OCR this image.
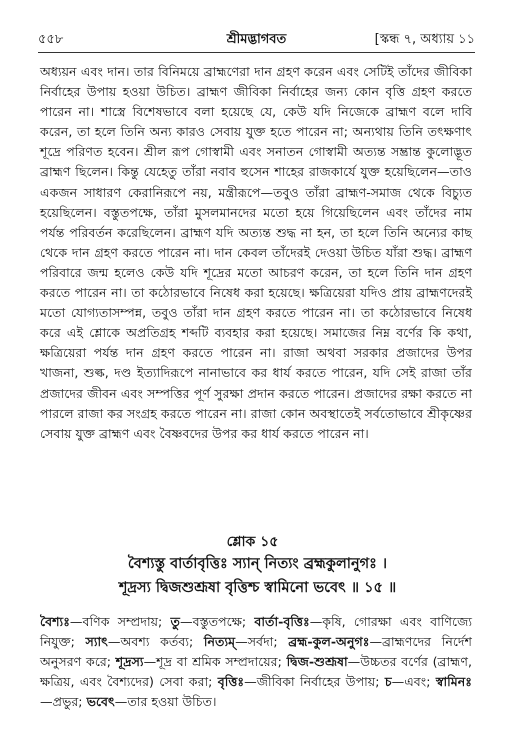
৫৫৮	শ্রীমদ্ভাগবত	[স্কন্ধ ৭, অধ্যায় ১১

অধ্যয়ন এবং দান। তার বিনিময়ে ব্রাহ্মণেরা দান গ্রহণ করেন এবং সেটিই তাঁদের জীবিকা নির্বাহের উপায় হওয়া উচিত। ব্রাহ্মণ জীবিকা নির্বাহের জন্য কোন বৃত্তি গ্রহণ করতে পারেন না। শাস্ত্রে বিশেষভাবে বলা হয়েছে যে, কেউ যদি নিজেকে ব্রাহ্মণ বলে দাবি করেন, তা হলে তিনি অন্য কারও সেবায় যুক্ত হতে পারেন না; অন্যথায় তিনি তৎক্ষণাৎ শূদ্রে পরিণত হবেন। শ্রীল রূপ গোস্বামী এবং সনাতন গোস্বামী অত্যন্ত সম্ভ্রান্ত কুলোদ্ভূত ব্রাহ্মণ ছিলেন। কিন্তু যেহেতু তাঁরা নবাব হুসেন শাহের রাজকার্যে যুক্ত হয়েছিলেন—তাও একজন সাধারণ কেরানিরূপে নয়, মন্ত্রীরূপে—তবুও তাঁরা ব্রাহ্মণ-সমাজ থেকে বিচ্যুত হয়েছিলেন। বস্তুতপক্ষে, তাঁরা মুসলমানদের মতো হয়ে গিয়েছিলেন এবং তাঁদের নাম পর্যন্ত পরিবর্তন করেছিলেন। ব্রাহ্মণ যদি অত্যন্ত শুদ্ধ না হন, তা হলে তিনি অন্যের কাছ থেকে দান গ্রহণ করতে পারেন না। দান কেবল তাঁদেরই দেওয়া উচিত যাঁরা শুদ্ধ। ব্রাহ্মণ পরিবারে জন্ম হলেও কেউ যদি শূদ্রের মতো আচরণ করেন, তা হলে তিনি দান গ্রহণ করতে পারেন না। তা কঠোরভাবে নিষেধ করা হয়েছে। ক্ষত্রিয়েরা যদিও প্রায় ব্রাহ্মণদেরই মতো যোগ্যতাসম্পন্ন, তবুও তাঁরা দান গ্রহণ করতে পারেন না। তা কঠোরভাবে নিষেধ করে এই শ্লোকে অপ্রতিগ্রহ শব্দটি ব্যবহার করা হয়েছে। সমাজের নিম্ন বর্ণের কি কথা, ক্ষত্রিয়েরা পর্যন্ত দান গ্রহণ করতে পারেন না। রাজা অথবা সরকার প্রজাদের উপর খাজনা, শুল্ক, দণ্ড ইত্যাদিরূপে নানাভাবে কর ধার্য করতে পারেন, যদি সেই রাজা তাঁর প্রজাদের জীবন এবং সম্পত্তির পূর্ণ সুরক্ষা প্রদান করতে পারেন। প্রজাদের রক্ষা করতে না পারলে রাজা কর সংগ্রহ করতে পারেন না। রাজা কোন অবস্থাতেই সর্বতোভাবে শ্রীকৃষ্ণের সেবায় যুক্ত ব্রাহ্মণ এবং বৈষ্ণবদের উপর কর ধার্য করতে পারেন না।

শ্লোক ১৫
বৈশ্যস্তু বার্তাবৃত্তিঃ স্যান্ নিত্যং ব্রহ্মকুলানুগঃ ।
শূদ্রস্য দ্বিজশুশ্রূষা বৃত্তিশ্চ স্বামিনো ভবেৎ ॥ ১৫ ॥
বৈশ্যঃ—বণিক সম্প্রদায়; তু—বস্তুতপক্ষে; বার্তা-বৃত্তিঃ—কৃষি, গোরক্ষা এবং বাণিজ্যে নিযুক্ত; স্যাৎ—অবশ্য কর্তব্য; নিত্যম্—সর্বদা; ব্রহ্ম-কুল-অনুগঃ—ব্রাহ্মণদের নির্দেশ অনুসরণ করে; শূদ্রস্য—শূদ্র বা শ্রমিক সম্প্রদায়ের; দ্বিজ-শুশ্রূষা—উচ্চতর বর্ণের (ব্রাহ্মণ, ক্ষত্রিয়, এবং বৈশ্যদের) সেবা করা; বৃত্তিঃ—জীবিকা নির্বাহের উপায়; চ—এবং; স্বামিনঃ—প্রভুর; ভবেৎ—তার হওয়া উচিত।
